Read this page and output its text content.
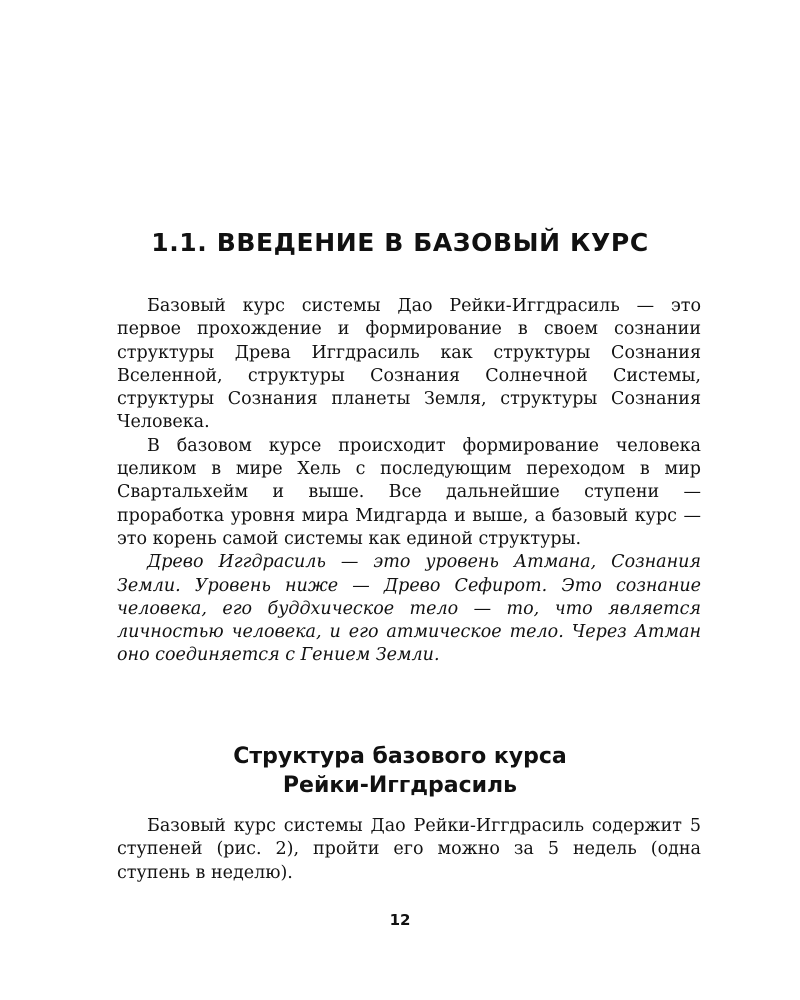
1.1. ВВЕДЕНИЕ В БАЗОВЫЙ КУРС

Базовый курс системы Дао Рейки-Иггдрасиль — это первое прохождение и формирование в своем сознании структуры Древа Иггдрасиль как структуры Сознания Вселенной, структуры Сознания Солнечной Системы, структуры Сознания планеты Земля, структуры Сознания Человека.

В базовом курсе происходит формирование человека целиком в мире Хель с последующим переходом в мир Свартальхейм и выше. Все дальнейшие ступени — проработка уровня мира Мидгарда и выше, а базовый курс — это корень самой системы как единой структуры.

Древо Иггдрасиль — это уровень Атмана, Сознания Земли. Уровень ниже — Древо Сефирот. Это сознание человека, его буддхическое тело — то, что является личностью человека, и его атмическое тело. Через Атман оно соединяется с Гением Земли.

Структура базового курса
Рейки-Иггдрасиль

Базовый курс системы Дао Рейки-Иггдрасиль содержит 5 ступеней (рис. 2), пройти его можно за 5 недель (одна ступень в неделю).

12
